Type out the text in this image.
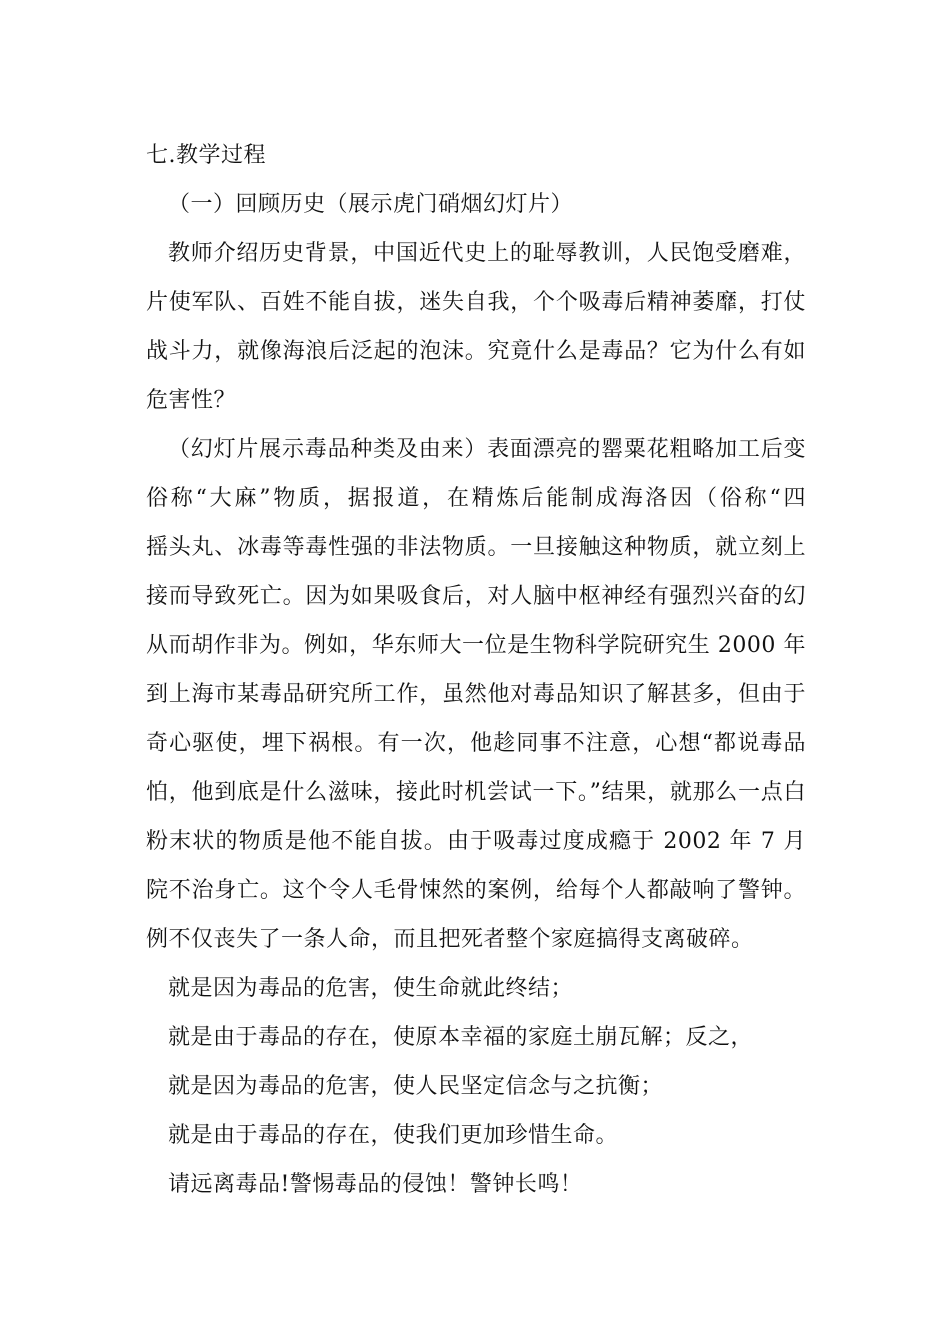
七.教学过程
（一）回顾历史（展示虎门硝烟幻灯片）
教师介绍历史背景，中国近代史上的耻辱教训，人民饱受磨难，
片使军队、百姓不能自拔，迷失自我，个个吸毒后精神萎靡，打仗
战斗力，就像海浪后泛起的泡沫。究竟什么是毒品？它为什么有如
危害性？
（幻灯片展示毒品种类及由来）表面漂亮的罂粟花粗略加工后变
俗称“大麻”物质，据报道，在精炼后能制成海洛因（俗称“四
摇头丸、冰毒等毒性强的非法物质。一旦接触这种物质，就立刻上
接而导致死亡。因为如果吸食后，对人脑中枢神经有强烈兴奋的幻
从而胡作非为。例如，华东师大一位是生物科学院研究生 2000 年
到上海市某毒品研究所工作，虽然他对毒品知识了解甚多，但由于
奇心驱使，埋下祸根。有一次，他趁同事不注意，心想“都说毒品
怕，他到底是什么滋味，接此时机尝试一下。”结果，就那么一点白
粉末状的物质是他不能自拔。由于吸毒过度成瘾于 2002 年 7 月
院不治身亡。这个令人毛骨悚然的案例，给每个人都敲响了警钟。
例不仅丧失了一条人命，而且把死者整个家庭搞得支离破碎。
就是因为毒品的危害，使生命就此终结；
就是由于毒品的存在，使原本幸福的家庭土崩瓦解；反之，
就是因为毒品的危害，使人民坚定信念与之抗衡；
就是由于毒品的存在，使我们更加珍惜生命。
请远离毒品!警惕毒品的侵蚀！警钟长鸣！
